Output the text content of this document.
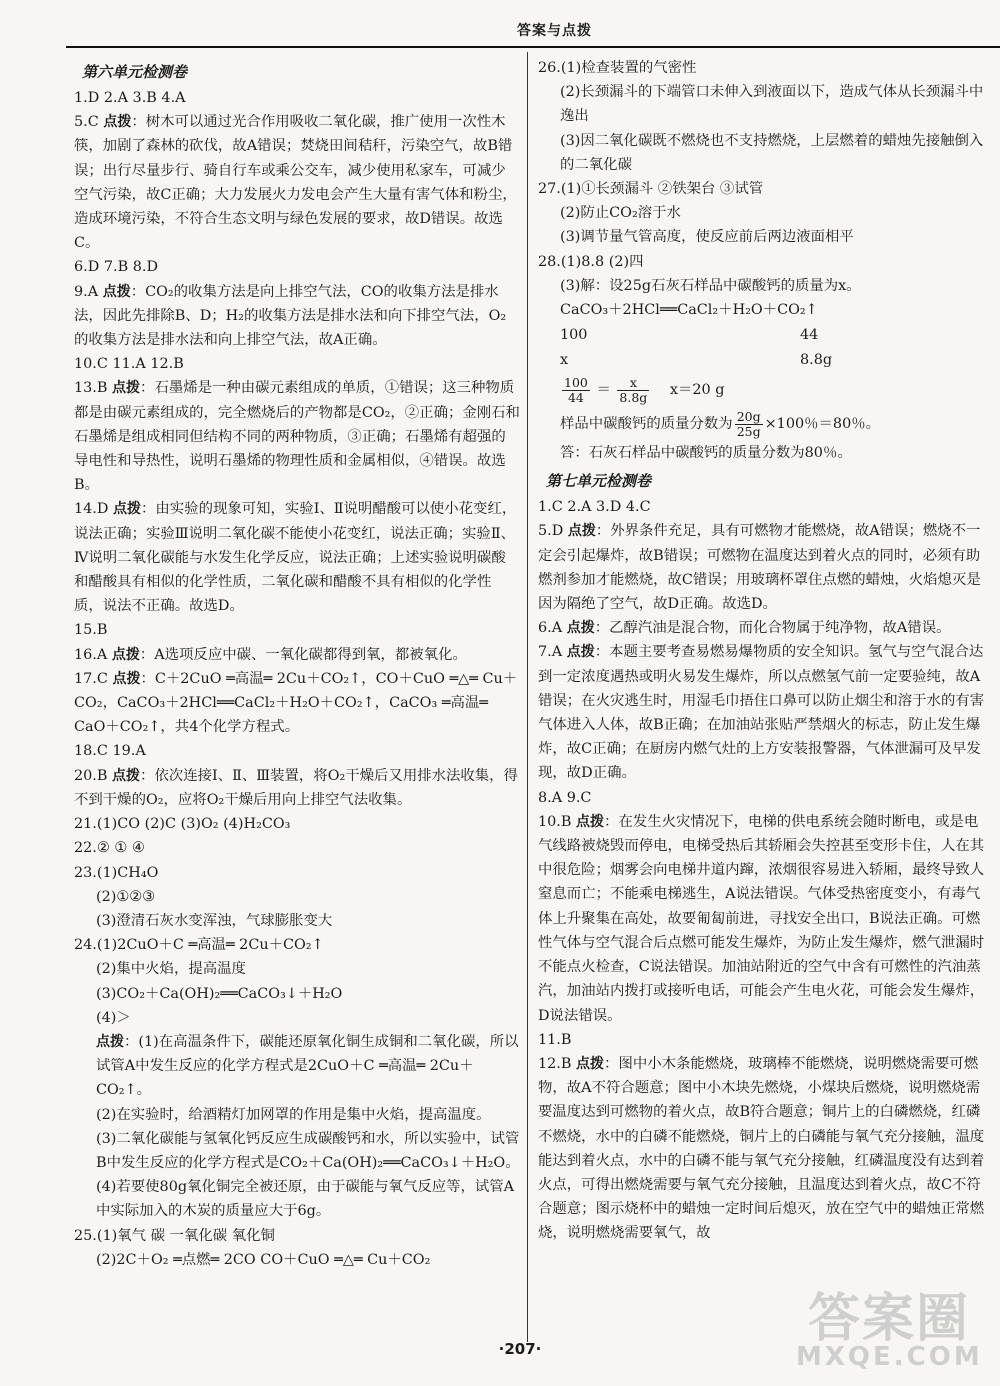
答案与点拨
第六单元检测卷

1.D 2.A 3.B 4.A

5.C 点拨：树木可以通过光合作用吸收二氧化碳，推广使用一次性木筷，加剧了森林的砍伐，故A错误；焚烧田间秸秆，污染空气，故B错误；出行尽量步行、骑自行车或乘公交车，减少使用私家车，可减少空气污染，故C正确；大力发展火力发电会产生大量有害气体和粉尘，造成环境污染，不符合生态文明与绿色发展的要求，故D错误。故选C。

6.D 7.B 8.D

9.A 点拨：CO₂的收集方法是向上排空气法，CO的收集方法是排水法，因此先排除B、D；H₂的收集方法是排水法和向下排空气法，O₂的收集方法是排水法和向上排空气法，故A正确。

10.C 11.A 12.B

13.B 点拨：石墨烯是一种由碳元素组成的单质，①错误；这三种物质都是由碳元素组成的，完全燃烧后的产物都是CO₂，②正确；金刚石和石墨烯是组成相同但结构不同的两种物质，③正确；石墨烯有超强的导电性和导热性，说明石墨烯的物理性质和金属相似，④错误。故选B。

14.D 点拨：由实验的现象可知，实验Ⅰ、Ⅱ说明醋酸可以使小花变红，说法正确；实验Ⅲ说明二氧化碳不能使小花变红，说法正确；实验Ⅱ、Ⅳ说明二氧化碳能与水发生化学反应，说法正确；上述实验说明碳酸和醋酸具有相似的化学性质，二氧化碳和醋酸不具有相似的化学性质，说法不正确。故选D。

15.B

16.A 点拨：A选项反应中碳、一氧化碳都得到氧，都被氧化。

17.C 点拨：C＋2CuO ═高温═ 2Cu＋CO₂↑，CO＋CuO ═△═ Cu＋CO₂，CaCO₃＋2HCl══CaCl₂＋H₂O＋CO₂↑，CaCO₃ ═高温═ CaO＋CO₂↑，共4个化学方程式。

18.C 19.A

20.B 点拨：依次连接Ⅰ、Ⅱ、Ⅲ装置，将O₂干燥后又用排水法收集，得不到干燥的O₂，应将O₂干燥后用向上排空气法收集。

21.(1)CO (2)C (3)O₂ (4)H₂CO₃

22.② ① ④

23.(1)CH₄O

(2)①②③

(3)澄清石灰水变浑浊，气球膨胀变大

24.(1)2CuO＋C ═高温═ 2Cu＋CO₂↑

(2)集中火焰，提高温度

(3)CO₂＋Ca(OH)₂══CaCO₃↓＋H₂O

(4)＞

点拨：(1)在高温条件下，碳能还原氧化铜生成铜和二氧化碳，所以试管A中发生反应的化学方程式是2CuO＋C ═高温═ 2Cu＋CO₂↑。

(2)在实验时，给酒精灯加网罩的作用是集中火焰，提高温度。

(3)二氧化碳能与氢氧化钙反应生成碳酸钙和水，所以实验中，试管B中发生反应的化学方程式是CO₂＋Ca(OH)₂══CaCO₃↓＋H₂O。(4)若要使80g氧化铜完全被还原，由于碳能与氧气反应等，试管A中实际加入的木炭的质量应大于6g。

25.(1)氧气 碳 一氧化碳 氧化铜

(2)2C＋O₂ ═点燃═ 2CO CO＋CuO ═△═ Cu＋CO₂

26.(1)检查装置的气密性

(2)长颈漏斗的下端管口未伸入到液面以下，造成气体从长颈漏斗中逸出

(3)因二氧化碳既不燃烧也不支持燃烧，上层燃着的蜡烛先接触倒入的二氧化碳

27.(1)①长颈漏斗 ②铁架台 ③试管

(2)防止CO₂溶于水

(3)调节量气管高度，使反应前后两边液面相平

28.(1)8.8 (2)四

(3)解：设25g石灰石样品中碳酸钙的质量为x。

CaCO₃＋2HCl══CaCl₂＋H₂O＋CO₂↑

100	44

x	8.8g

$\frac{100}{44} = \frac{x}{8.8g} x=20$ g

样品中碳酸钙的质量分数为 $\frac{20g}{25g} \times 100$％＝80％。

答：石灰石样品中碳酸钙的质量分数为80％。

第七单元检测卷

1.C 2.A 3.D 4.C

5.D 点拨：外界条件充足，具有可燃物才能燃烧，故A错误；燃烧不一定会引起爆炸，故B错误；可燃物在温度达到着火点的同时，必须有助燃剂参加才能燃烧，故C错误；用玻璃杯罩住点燃的蜡烛，火焰熄灭是因为隔绝了空气，故D正确。故选D。

6.A 点拨：乙醇汽油是混合物，而化合物属于纯净物，故A错误。

7.A 点拨：本题主要考查易燃易爆物质的安全知识。氢气与空气混合达到一定浓度遇热或明火易发生爆炸，所以点燃氢气前一定要验纯，故A错误；在火灾逃生时，用湿毛巾捂住口鼻可以防止烟尘和溶于水的有害气体进入人体，故B正确；在加油站张贴严禁烟火的标志，防止发生爆炸，故C正确；在厨房内燃气灶的上方安装报警器，气体泄漏可及早发现，故D正确。

8.A 9.C

10.B 点拨：在发生火灾情况下，电梯的供电系统会随时断电，或是电气线路被烧毁而停电，电梯受热后其轿厢会失控甚至变形卡住，人在其中很危险；烟雾会向电梯井道内蹿，浓烟很容易进入轿厢，最终导致人窒息而亡；不能乘电梯逃生，A说法错误。气体受热密度变小，有毒气体上升聚集在高处，故要匍匐前进，寻找安全出口，B说法正确。可燃性气体与空气混合后点燃可能发生爆炸，为防止发生爆炸，燃气泄漏时不能点火检查，C说法错误。加油站附近的空气中含有可燃性的汽油蒸汽，加油站内拨打或接听电话，可能会产生电火花，可能会发生爆炸，D说法错误。

11.B

12.B 点拨：图中小木条能燃烧，玻璃棒不能燃烧，说明燃烧需要可燃物，故A不符合题意；图中小木块先燃烧，小煤块后燃烧，说明燃烧需要温度达到可燃物的着火点，故B符合题意；铜片上的白磷燃烧，红磷不燃烧，水中的白磷不能燃烧，铜片上的白磷能与氧气充分接触，温度能达到着火点，水中的白磷不能与氧气充分接触，红磷温度没有达到着火点，可得出燃烧需要与氧气充分接触，且温度达到着火点，故C不符合题意；图示烧杯中的蜡烛一定时间后熄灭，放在空气中的蜡烛正常燃烧，说明燃烧需要氧气，故

·207·	答案圈
MXQE.COM
